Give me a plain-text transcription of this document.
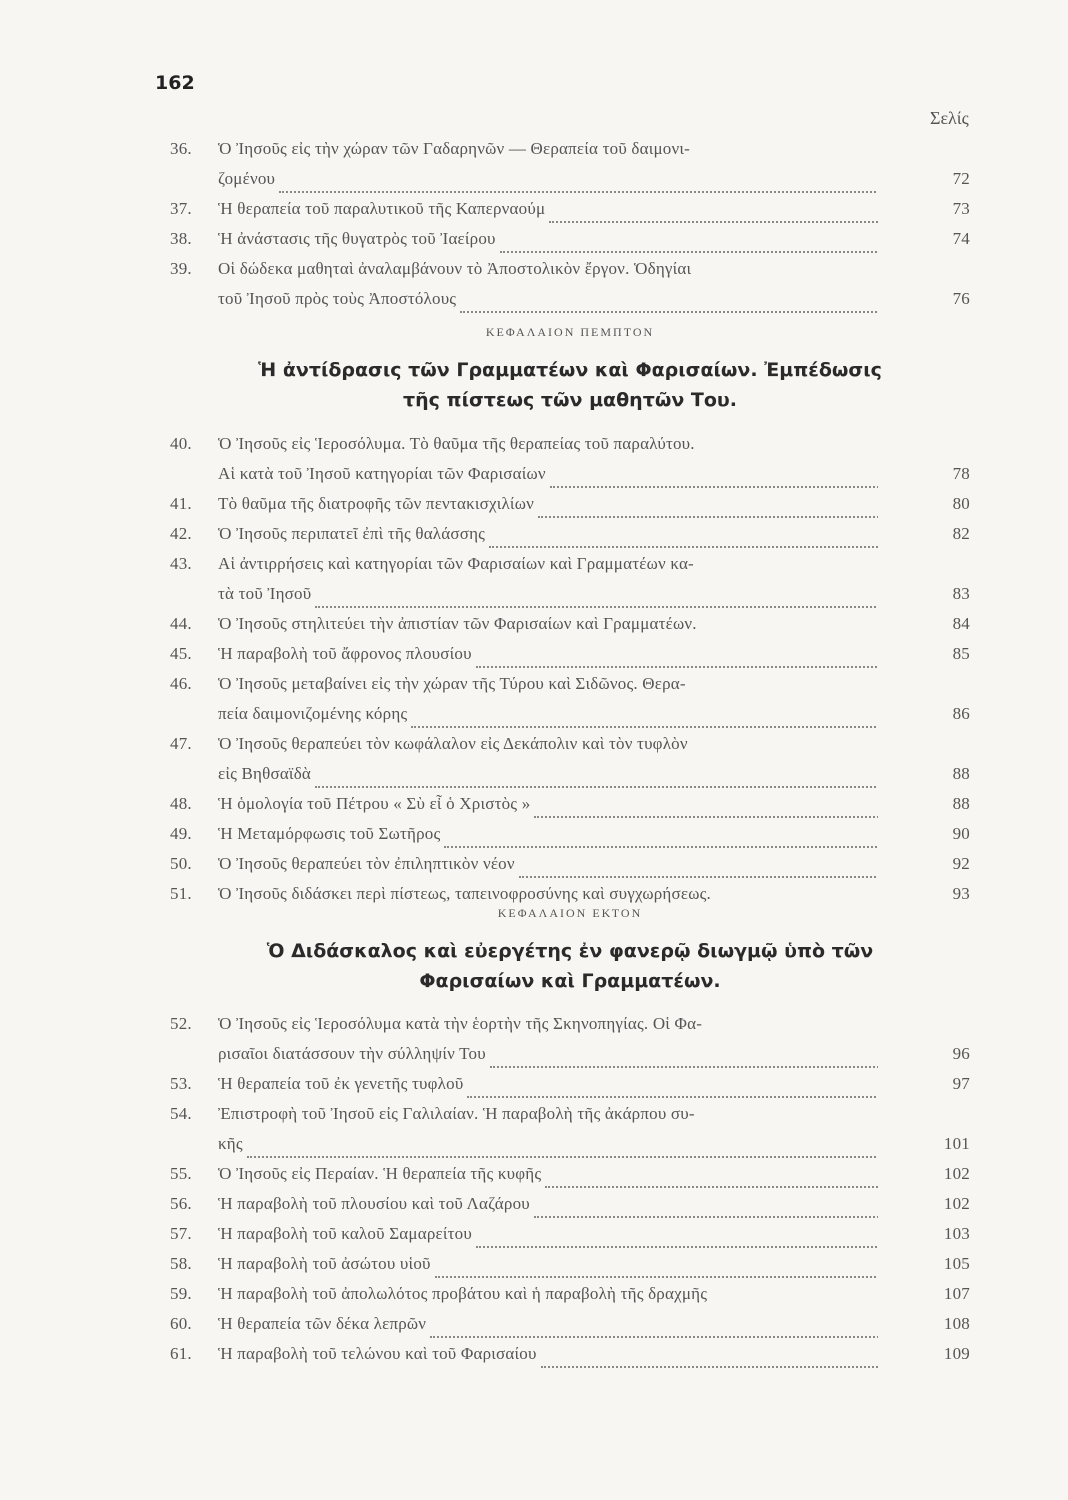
162
Σελίς
ΚΕΦΑΛΑΙΟΝ ΠΕΜΠΤΟΝ
Ἡ ἀντίδρασις τῶν Γραμματέων καὶ Φαρισαίων. Ἐμπέδωσις
τῆς πίστεως τῶν μαθητῶν Του.
ΚΕΦΑΛΑΙΟΝ ΕΚΤΟΝ
Ὁ Διδάσκαλος καὶ εὐεργέτης ἐν φανερῷ διωγμῷ ὑπὸ τῶν
Φαρισαίων καὶ Γραμματέων.
36.	Ὁ Ἰησοῦς εἰς τὴν χώραν τῶν Γαδαρηνῶν — Θεραπεία τοῦ δαιμονι-
ζομένου	72
37.	Ἡ θεραπεία τοῦ παραλυτικοῦ τῆς Καπερναούμ	73
38.	Ἡ ἀνάστασις τῆς θυγατρὸς τοῦ Ἰαείρου	74
39.	Οἱ δώδεκα μαθηταὶ ἀναλαμβάνουν τὸ Ἀποστολικὸν ἔργον. Ὁδηγίαι
τοῦ Ἰησοῦ πρὸς τοὺς Ἀποστόλους	76
40.	Ὁ Ἰησοῦς εἰς Ἱεροσόλυμα. Τὸ θαῦμα τῆς θεραπείας τοῦ παραλύτου.
Αἱ κατὰ τοῦ Ἰησοῦ κατηγορίαι τῶν Φαρισαίων	78
41.	Τὸ θαῦμα τῆς διατροφῆς τῶν πεντακισχιλίων	80
42.	Ὁ Ἰησοῦς περιπατεῖ ἐπὶ τῆς θαλάσσης	82
43.	Αἱ ἀντιρρήσεις καὶ κατηγορίαι τῶν Φαρισαίων καὶ Γραμματέων κα-
τὰ τοῦ Ἰησοῦ	83
44.	Ὁ Ἰησοῦς στηλιτεύει τὴν ἀπιστίαν τῶν Φαρισαίων καὶ Γραμματέων.	84
45.	Ἡ παραβολὴ τοῦ ἄφρονος πλουσίου	85
46.	Ὁ Ἰησοῦς μεταβαίνει εἰς τὴν χώραν τῆς Τύρου καὶ Σιδῶνος. Θερα-
πεία δαιμονιζομένης κόρης	86
47.	Ὁ Ἰησοῦς θεραπεύει τὸν κωφάλαλον εἰς Δεκάπολιν καὶ τὸν τυφλὸν
εἰς Βηθσαϊδὰ	88
48.	Ἡ ὁμολογία τοῦ Πέτρου « Σὺ εἶ ὁ Χριστὸς »	88
49.	Ἡ Μεταμόρφωσις τοῦ Σωτῆρος	90
50.	Ὁ Ἰησοῦς θεραπεύει τὸν ἐπιληπτικὸν νέον	92
51.	Ὁ Ἰησοῦς διδάσκει περὶ πίστεως, ταπεινοφροσύνης καὶ συγχωρήσεως.	93
52.	Ὁ Ἰησοῦς εἰς Ἱεροσόλυμα κατὰ τὴν ἑορτὴν τῆς Σκηνοπηγίας. Οἱ Φα-
ρισαῖοι διατάσσουν τὴν σύλληψίν Του	96
53.	Ἡ θεραπεία τοῦ ἐκ γενετῆς τυφλοῦ	97
54.	Ἐπιστροφὴ τοῦ Ἰησοῦ εἰς Γαλιλαίαν. Ἡ παραβολὴ τῆς ἀκάρπου συ-
κῆς	101
55.	Ὁ Ἰησοῦς εἰς Περαίαν. Ἡ θεραπεία τῆς κυφῆς	102
56.	Ἡ παραβολὴ τοῦ πλουσίου καὶ τοῦ Λαζάρου	102
57.	Ἡ παραβολὴ τοῦ καλοῦ Σαμαρείτου	103
58.	Ἡ παραβολὴ τοῦ ἀσώτου υἱοῦ	105
59.	Ἡ παραβολὴ τοῦ ἀπολωλότος προβάτου καὶ ἡ παραβολὴ τῆς δραχμῆς	107
60.	Ἡ θεραπεία τῶν δέκα λεπρῶν	108
61.	Ἡ παραβολὴ τοῦ τελώνου καὶ τοῦ Φαρισαίου	109
